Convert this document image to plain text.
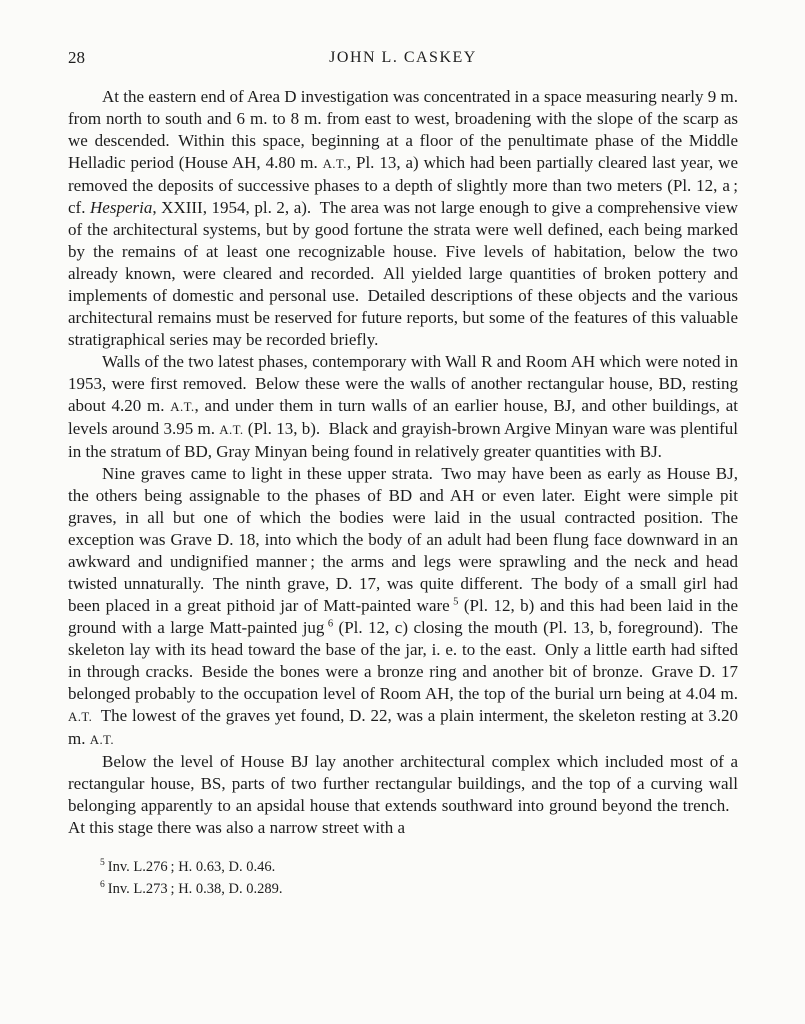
28	JOHN L. CASKEY

At the eastern end of Area D investigation was concentrated in a space measuring nearly 9 m. from north to south and 6 m. to 8 m. from east to west, broadening with the slope of the scarp as we descended. Within this space, beginning at a floor of the penultimate phase of the Middle Helladic period (House AH, 4.80 m. A.T., Pl. 13, a) which had been partially cleared last year, we removed the deposits of successive phases to a depth of slightly more than two meters (Pl. 12, a ; cf. Hesperia, XXIII, 1954, pl. 2, a). The area was not large enough to give a comprehensive view of the architectural systems, but by good fortune the strata were well defined, each being marked by the remains of at least one recognizable house. Five levels of habitation, below the two already known, were cleared and recorded. All yielded large quantities of broken pottery and implements of domestic and personal use. Detailed descriptions of these objects and the various architectural remains must be reserved for future reports, but some of the features of this valuable stratigraphical series may be recorded briefly.

Walls of the two latest phases, contemporary with Wall R and Room AH which were noted in 1953, were first removed. Below these were the walls of another rectangular house, BD, resting about 4.20 m. A.T., and under them in turn walls of an earlier house, BJ, and other buildings, at levels around 3.95 m. A.T. (Pl. 13, b). Black and grayish-brown Argive Minyan ware was plentiful in the stratum of BD, Gray Minyan being found in relatively greater quantities with BJ.

Nine graves came to light in these upper strata. Two may have been as early as House BJ, the others being assignable to the phases of BD and AH or even later. Eight were simple pit graves, in all but one of which the bodies were laid in the usual contracted position. The exception was Grave D. 18, into which the body of an adult had been flung face downward in an awkward and undignified manner ; the arms and legs were sprawling and the neck and head twisted unnaturally. The ninth grave, D. 17, was quite different. The body of a small girl had been placed in a great pithoid jar of Matt-painted ware $^5$ (Pl. 12, b) and this had been laid in the ground with a large Matt-painted jug $^6$ (Pl. 12, c) closing the mouth (Pl. 13, b, foreground). The skeleton lay with its head toward the base of the jar, i. e. to the east. Only a little earth had sifted in through cracks. Beside the bones were a bronze ring and another bit of bronze. Grave D. 17 belonged probably to the occupation level of Room AH, the top of the burial urn being at 4.04 m. A.T. The lowest of the graves yet found, D. 22, was a plain interment, the skeleton resting at 3.20 m. A.T.

Below the level of House BJ lay another architectural complex which included most of a rectangular house, BS, parts of two further rectangular buildings, and the top of a curving wall belonging apparently to an apsidal house that extends southward into ground beyond the trench. At this stage there was also a narrow street with a

$^5$ Inv. L.276 ; H. 0.63, D. 0.46.

$^6$ Inv. L.273 ; H. 0.38, D. 0.289.
